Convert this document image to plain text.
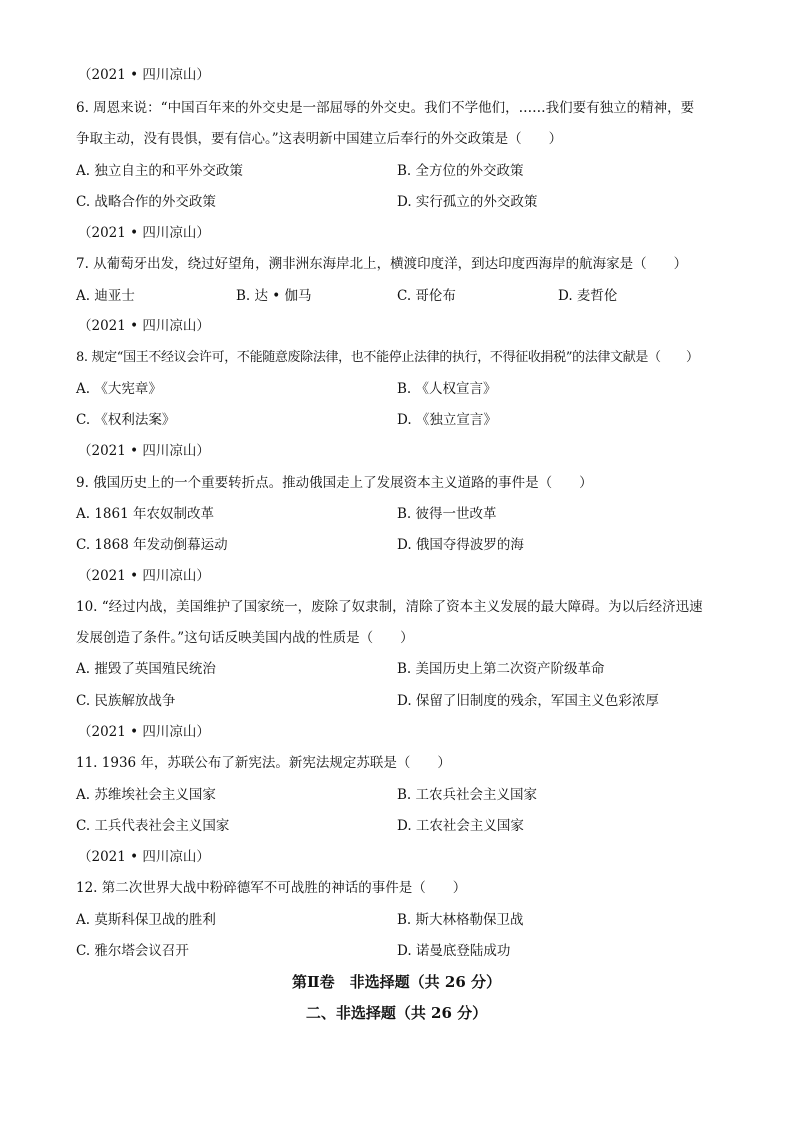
（2021 • 四川凉山）
6. 周恩来说：“中国百年来的外交史是一部屈辱的外交史。我们不学他们，……我们要有独立的精神，要
争取主动，没有畏惧，要有信心。”这表明新中国建立后奉行的外交政策是（　　）
A. 独立自主的和平外交政策	B. 全方位的外交政策
C. 战略合作的外交政策	D. 实行孤立的外交政策
（2021 • 四川凉山）
7. 从葡萄牙出发，绕过好望角，溯非洲东海岸北上，横渡印度洋，到达印度西海岸的航海家是（　　）
A. 迪亚士	B. 达 • 伽马	C. 哥伦布	D. 麦哲伦
（2021 • 四川凉山）
8. 规定“国王不经议会许可，不能随意废除法律，也不能停止法律的执行，不得征收捐税”的法律文献是（　　）
A. 《大宪章》	B. 《人权宣言》
C. 《权利法案》	D. 《独立宣言》
（2021 • 四川凉山）
9. 俄国历史上的一个重要转折点。推动俄国走上了发展资本主义道路的事件是（　　）
A. 1861 年农奴制改革	B. 彼得一世改革
C. 1868 年发动倒幕运动	D. 俄国夺得波罗的海
（2021 • 四川凉山）
10. “经过内战，美国维护了国家统一，废除了奴隶制，清除了资本主义发展的最大障碍。为以后经济迅速
发展创造了条件。”这句话反映美国内战的性质是（　　）
A. 摧毁了英国殖民统治	B. 美国历史上第二次资产阶级革命
C. 民族解放战争	D. 保留了旧制度的残余，军国主义色彩浓厚
（2021 • 四川凉山）
11. 1936 年，苏联公布了新宪法。新宪法规定苏联是（　　）
A. 苏维埃社会主义国家	B. 工农兵社会主义国家
C. 工兵代表社会主义国家	D. 工农社会主义国家
（2021 • 四川凉山）
12. 第二次世界大战中粉碎德军不可战胜的神话的事件是（　　）
A. 莫斯科保卫战的胜利	B. 斯大林格勒保卫战
C. 雅尔塔会议召开	D. 诺曼底登陆成功
第Ⅱ卷　非选择题（共 26 分）
二、非选择题（共 26 分）
